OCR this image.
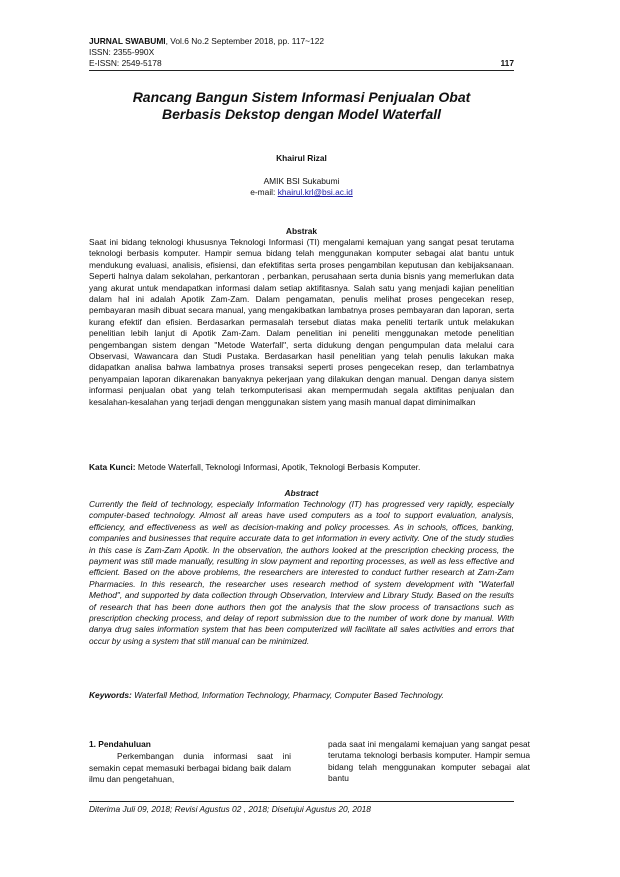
JURNAL SWABUMI, Vol.6 No.2 September 2018, pp. 117~122
ISSN: 2355-990X
E-ISSN: 2549-5178	117
Rancang Bangun Sistem Informasi Penjualan Obat
Berbasis Dekstop dengan Model Waterfall
Khairul Rizal
AMIK BSI Sukabumi
e-mail: khairul.krl@bsi.ac.id
Abstrak
Saat ini bidang teknologi khususnya Teknologi Informasi (TI) mengalami kemajuan yang sangat pesat terutama teknologi berbasis komputer. Hampir semua bidang telah menggunakan komputer sebagai alat bantu untuk mendukung evaluasi, analisis, efisiensi, dan efektifitas serta proses pengambilan keputusan dan kebijaksanaan. Seperti halnya dalam sekolahan, perkantoran , perbankan, perusahaan serta dunia bisnis yang memerlukan data yang akurat untuk mendapatkan informasi dalam setiap aktifitasnya. Salah satu yang menjadi kajian penelitian dalam hal ini adalah Apotik Zam-Zam. Dalam pengamatan, penulis melihat proses pengecekan resep, pembayaran masih dibuat secara manual, yang mengakibatkan lambatnya proses pembayaran dan laporan, serta kurang efektif dan efisien. Berdasarkan permasalah tersebut diatas maka peneliti tertarik untuk melakukan penelitian lebih lanjut di Apotik Zam-Zam. Dalam penelitian ini peneliti menggunakan metode penelitian pengembangan sistem dengan "Metode Waterfall", serta didukung dengan pengumpulan data melalui cara Observasi, Wawancara dan Studi Pustaka. Berdasarkan hasil penelitian yang telah penulis lakukan maka didapatkan analisa bahwa lambatnya proses transaksi seperti proses pengecekan resep, dan terlambatnya penyampaian laporan dikarenakan banyaknya pekerjaan yang dilakukan dengan manual. Dengan danya sistem informasi penjualan obat yang telah terkomputerisasi akan mempermudah segala aktifitas penjualan dan kesalahan-kesalahan yang terjadi dengan menggunakan sistem yang masih manual dapat diminimalkan
Kata Kunci: Metode Waterfall, Teknologi Informasi, Apotik, Teknologi Berbasis Komputer.
Abstract
Currently the field of technology, especially Information Technology (IT) has progressed very rapidly, especially computer-based technology. Almost all areas have used computers as a tool to support evaluation, analysis, efficiency, and effectiveness as well as decision-making and policy processes. As in schools, offices, banking, companies and businesses that require accurate data to get information in every activity. One of the study studies in this case is Zam-Zam Apotik. In the observation, the authors looked at the prescription checking process, the payment was still made manually, resulting in slow payment and reporting processes, as well as less effective and efficient. Based on the above problems, the researchers are interested to conduct further research at Zam-Zam Pharmacies. In this research, the researcher uses research method of system development with "Waterfall Method", and supported by data collection through Observation, Interview and Library Study. Based on the results of research that has been done authors then got the analysis that the slow process of transactions such as prescription checking process, and delay of report submission due to the number of work done by manual. With danya drug sales information system that has been computerized will facilitate all sales activities and errors that occur by using a system that still manual can be minimized.
Keywords: Waterfall Method, Information Technology, Pharmacy, Computer Based Technology.
1. Pendahuluan
Perkembangan dunia informasi saat ini semakin cepat memasuki berbagai bidang baik dalam ilmu dan pengetahuan,
pada saat ini mengalami kemajuan yang sangat pesat terutama teknologi berbasis komputer. Hampir semua bidang telah menggunakan komputer sebagai alat bantu
Diterima Juli 09, 2018; Revisi Agustus 02 , 2018; Disetujui Agustus 20, 2018
